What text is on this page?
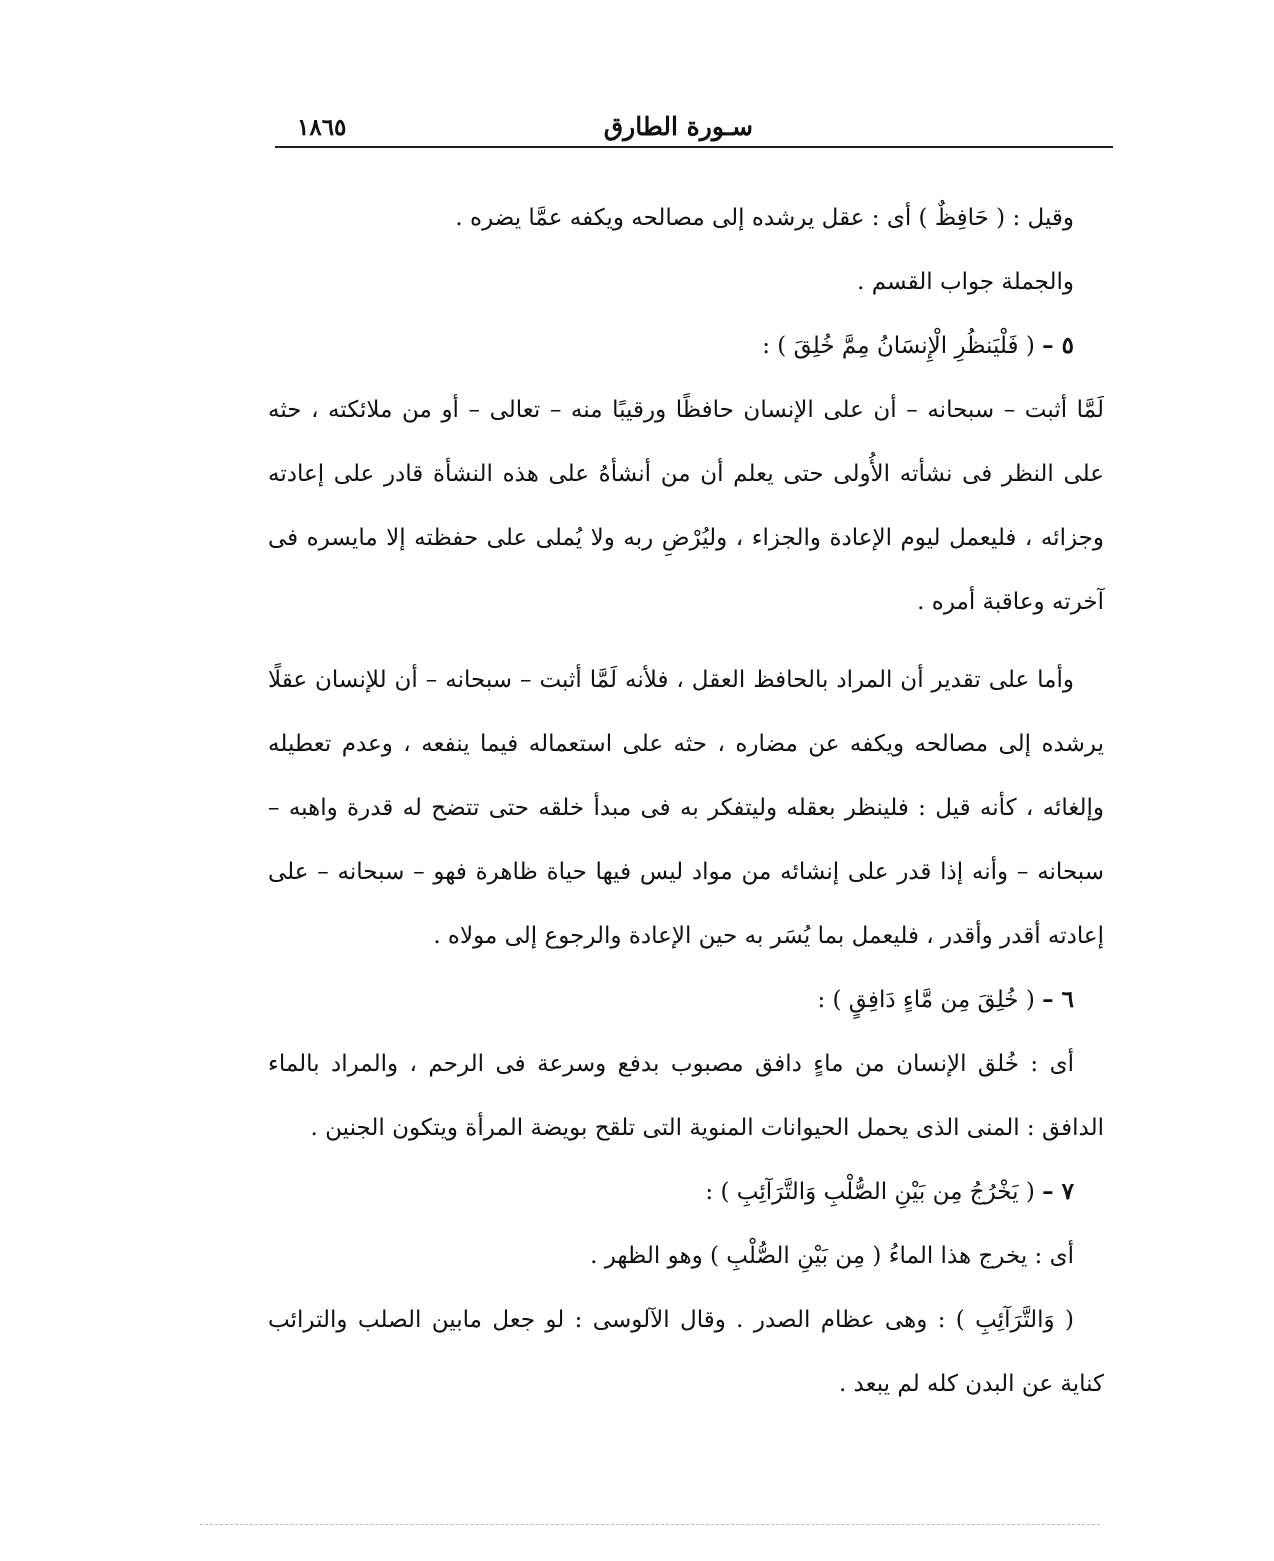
سـورة الطارق
١٨٦٥

وقيل : ( حَافِظٌ ) أى : عقل يرشده إلى مصالحه ويكفه عمَّا يضره .

والجملة جواب القسم .

٥ – ( فَلْيَنظُرِ الْإِنسَانُ مِمَّ خُلِقَ ) :

لَمَّا أثبت – سبحانه – أن على الإنسان حافظًا ورقيبًا منه – تعالى – أو من ملائكته ، حثه على النظر فى نشأته الأُولى حتى يعلم أن من أنشأهُ على هذه النشأة قادر على إعادته وجزائه ، فليعمل ليوم الإعادة والجزاء ، وليُرْضِ ربه ولا يُملى على حفظته إلا مايسره فى آخرته وعاقبة أمره .

وأما على تقدير أن المراد بالحافظ العقل ، فلأنه لَمَّا أثبت – سبحانه – أن للإنسان عقلًا يرشده إلى مصالحه ويكفه عن مضاره ، حثه على استعماله فيما ينفعه ، وعدم تعطيله وإلغائه ، كأنه قيل : فلينظر بعقله وليتفكر به فى مبدأ خلقه حتى تتضح له قدرة واهبه – سبحانه – وأنه إذا قدر على إنشائه من مواد ليس فيها حياة ظاهرة فهو – سبحانه – على إعادته أقدر وأقدر ، فليعمل بما يُسَر به حين الإعادة والرجوع إلى مولاه .

٦ – ( خُلِقَ مِن مَّاءٍ دَافِقٍ ) :

أى : خُلق الإنسان من ماءٍ دافق مصبوب بدفع وسرعة فى الرحم ، والمراد بالماء الدافق : المنى الذى يحمل الحيوانات المنوية التى تلقح بويضة المرأة ويتكون الجنين .

٧ – ( يَخْرُجُ مِن بَيْنِ الصُّلْبِ وَالتَّرَآئِبِ ) :

أى : يخرج هذا الماءُ ( مِن بَيْنِ الصُّلْبِ ) وهو الظهر .

( وَالتَّرَآئِبِ ) : وهى عظام الصدر . وقال الآلوسى : لو جعل مابين الصلب والترائب كناية عن البدن كله لم يبعد .
